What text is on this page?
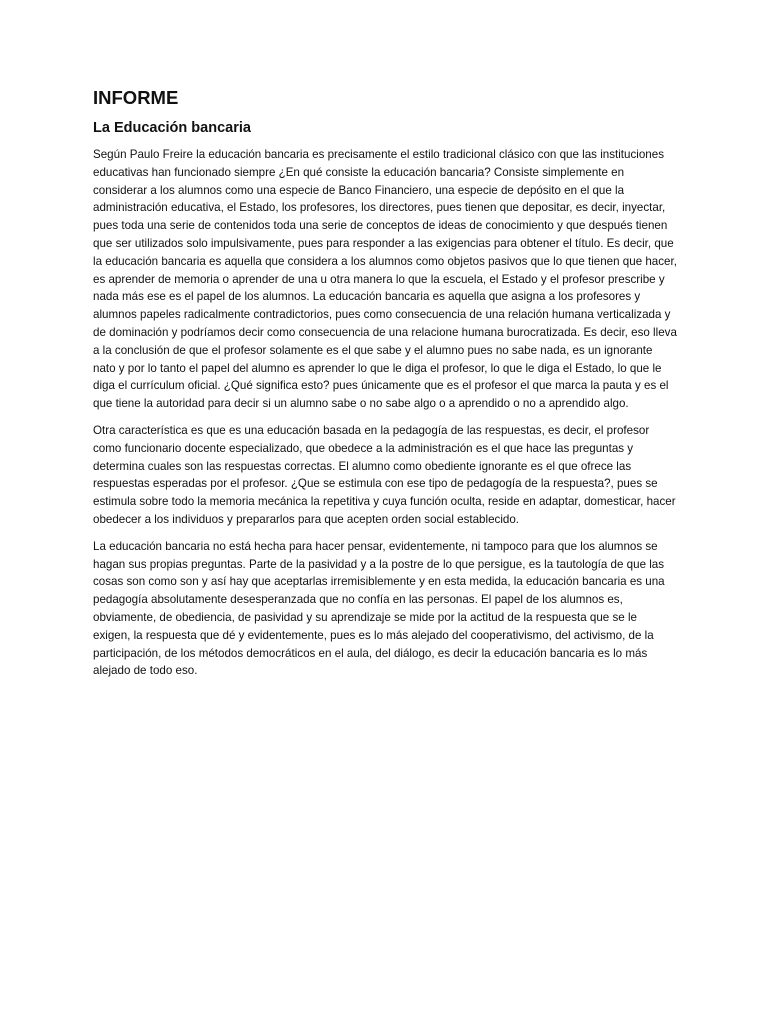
INFORME
La Educación bancaria

Según Paulo Freire la educación bancaria es precisamente el estilo tradicional clásico con que las instituciones educativas han funcionado siempre ¿En qué consiste la educación bancaria? Consiste simplemente en considerar a los alumnos como una especie de Banco Financiero, una especie de depósito en el que la administración educativa, el Estado, los profesores, los directores, pues tienen que depositar, es decir, inyectar, pues toda una serie de contenidos toda una serie de conceptos de ideas de conocimiento y que después tienen que ser utilizados solo impulsivamente, pues para responder a las exigencias para obtener el título. Es decir, que la educación bancaria es aquella que considera a los alumnos como objetos pasivos que lo que tienen que hacer, es aprender de memoria o aprender de una u otra manera lo que la escuela, el Estado y el profesor prescribe y nada más ese es el papel de los alumnos. La educación bancaria es aquella que asigna a los profesores y alumnos papeles radicalmente contradictorios, pues como consecuencia de una relación humana verticalizada y de dominación y podríamos decir como consecuencia de una relacione humana burocratizada. Es decir, eso lleva a la conclusión de que el profesor solamente es el que sabe y el alumno pues no sabe nada, es un ignorante nato y por lo tanto el papel del alumno es aprender lo que le diga el profesor, lo que le diga el Estado, lo que le diga el currículum oficial. ¿Qué significa esto? pues únicamente que es el profesor el que marca la pauta y es el que tiene la autoridad para decir si un alumno sabe o no sabe algo o a aprendido o no a aprendido algo.

Otra característica es que es una educación basada en la pedagogía de las respuestas, es decir, el profesor como funcionario docente especializado, que obedece a la administración es el que hace las preguntas y determina cuales son las respuestas correctas. El alumno como obediente ignorante es el que ofrece las respuestas esperadas por el profesor. ¿Que se estimula con ese tipo de pedagogía de la respuesta?, pues se estimula sobre todo la memoria mecánica la repetitiva y cuya función oculta, reside en adaptar, domesticar, hacer obedecer a los individuos y prepararlos para que acepten orden social establecido.

La educación bancaria no está hecha para hacer pensar, evidentemente, ni tampoco para que los alumnos se hagan sus propias preguntas. Parte de la pasividad y a la postre de lo que persigue, es la tautología de que las cosas son como son y así hay que aceptarlas irremisiblemente y en esta medida, la educación bancaria es una pedagogía absolutamente desesperanzada que no confía en las personas. El papel de los alumnos es, obviamente, de obediencia, de pasividad y su aprendizaje se mide por la actitud de la respuesta que se le exigen, la respuesta que dé y evidentemente, pues es lo más alejado del cooperativismo, del activismo, de la participación, de los métodos democráticos en el aula, del diálogo, es decir la educación bancaria es lo más alejado de todo eso.
